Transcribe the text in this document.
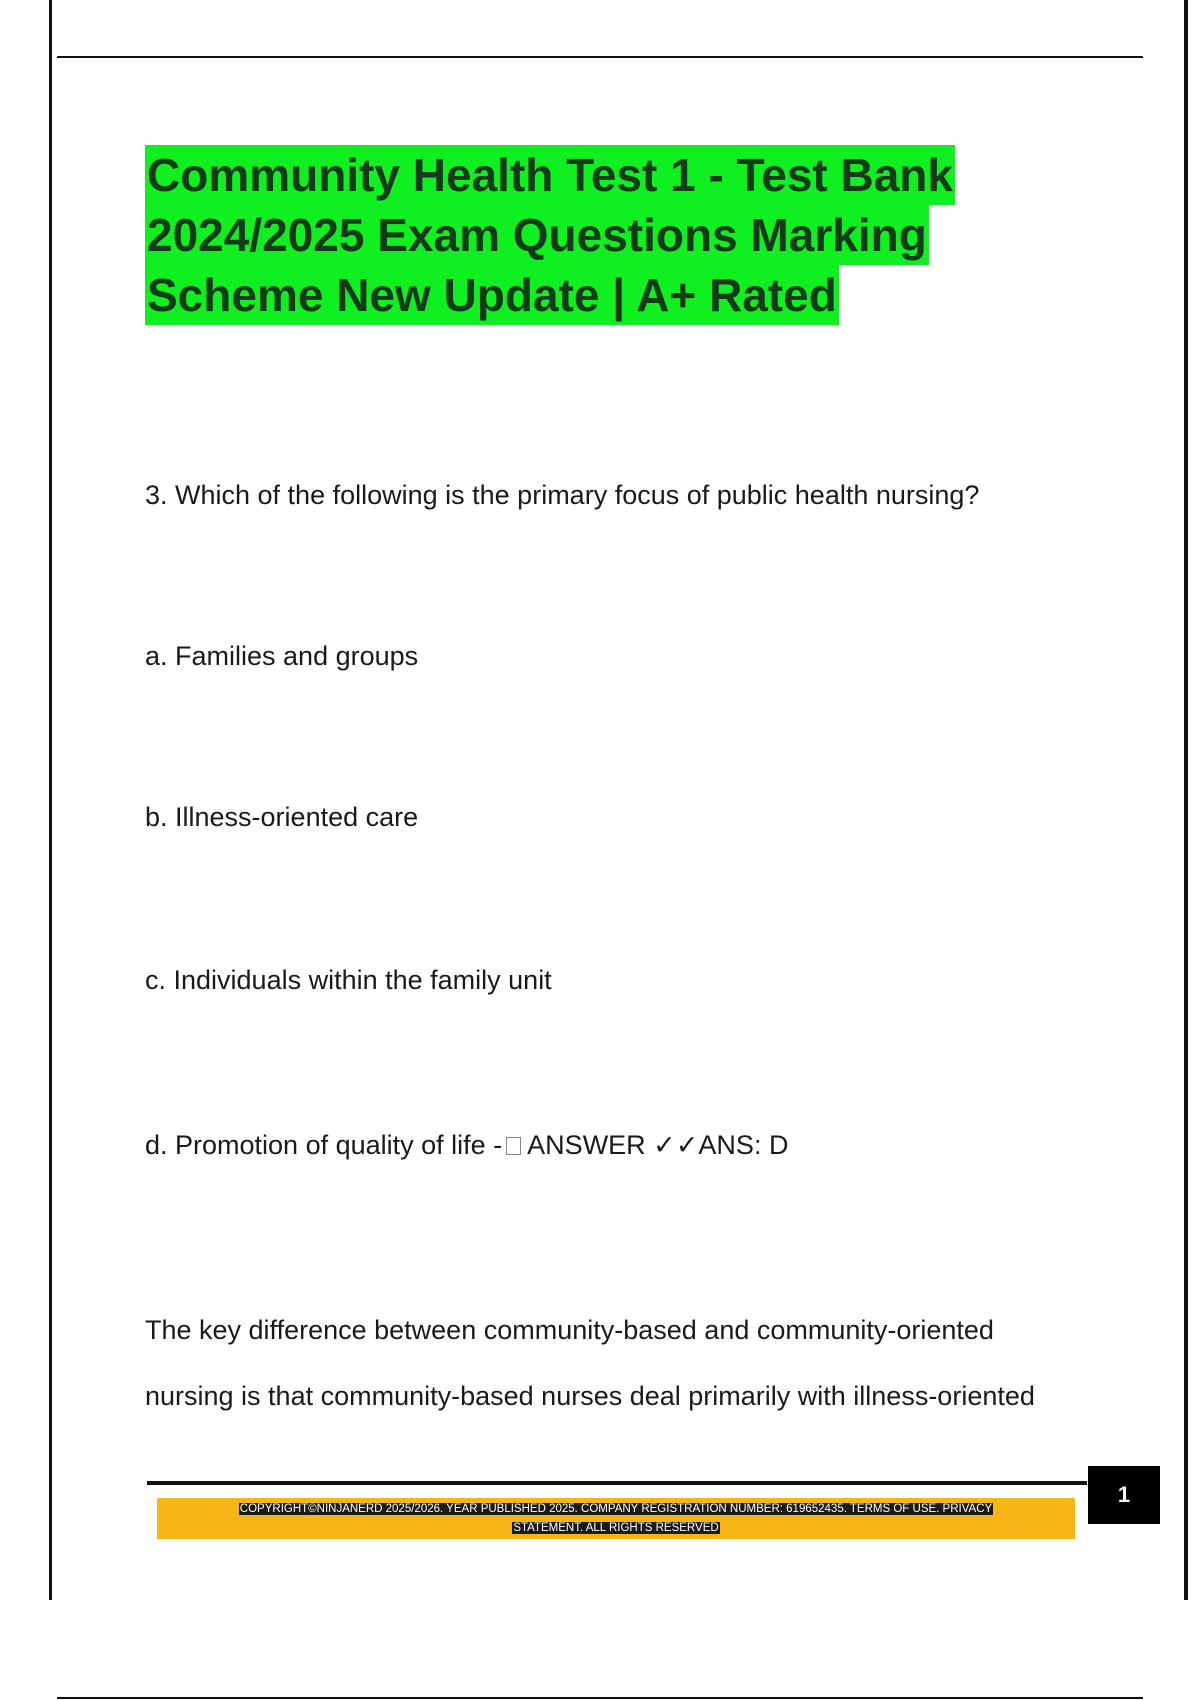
Community Health Test 1 - Test Bank
2024/2025 Exam Questions Marking
Scheme New Update | A+ Rated

3. Which of the following is the primary focus of public health nursing?

a. Families and groups

b. Illness-oriented care

c. Individuals within the family unit

d. Promotion of quality of life - ANSWER ✓✓ANS: D

The key difference between community-based and community-oriented
nursing is that community-based nurses deal primarily with illness-oriented
1
COPYRIGHT©NINJANERD 2025/2026. YEAR PUBLISHED 2025. COMPANY REGISTRATION NUMBER: 619652435. TERMS OF USE. PRIVACY
STATEMENT. ALL RIGHTS RESERVED
